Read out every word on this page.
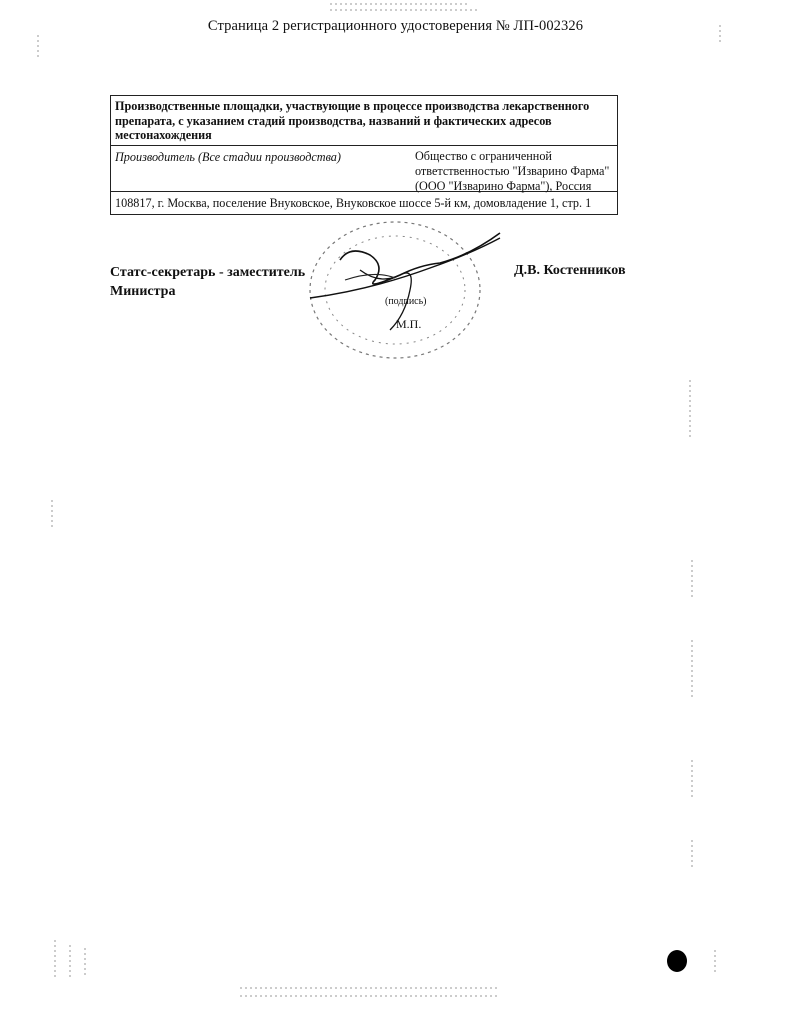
Страница 2 регистрационного удостоверения № ЛП-002326
Производственные площадки, участвующие в процессе производства лекарственного препарата, с указанием стадий производства, названий и фактических адресов местонахождения
Производитель (Все стадии производства)	Общество с ограниченной
ответственностью "Изварино Фарма"
(ООО "Изварино Фарма"), Россия
108817, г. Москва, поселение Внуковское, Внуковское шоссе 5-й км, домовладение 1, стр. 1
Статс-секретарь - заместитель
Министра
Д.В. Костенников
(подпись)
М.П.
